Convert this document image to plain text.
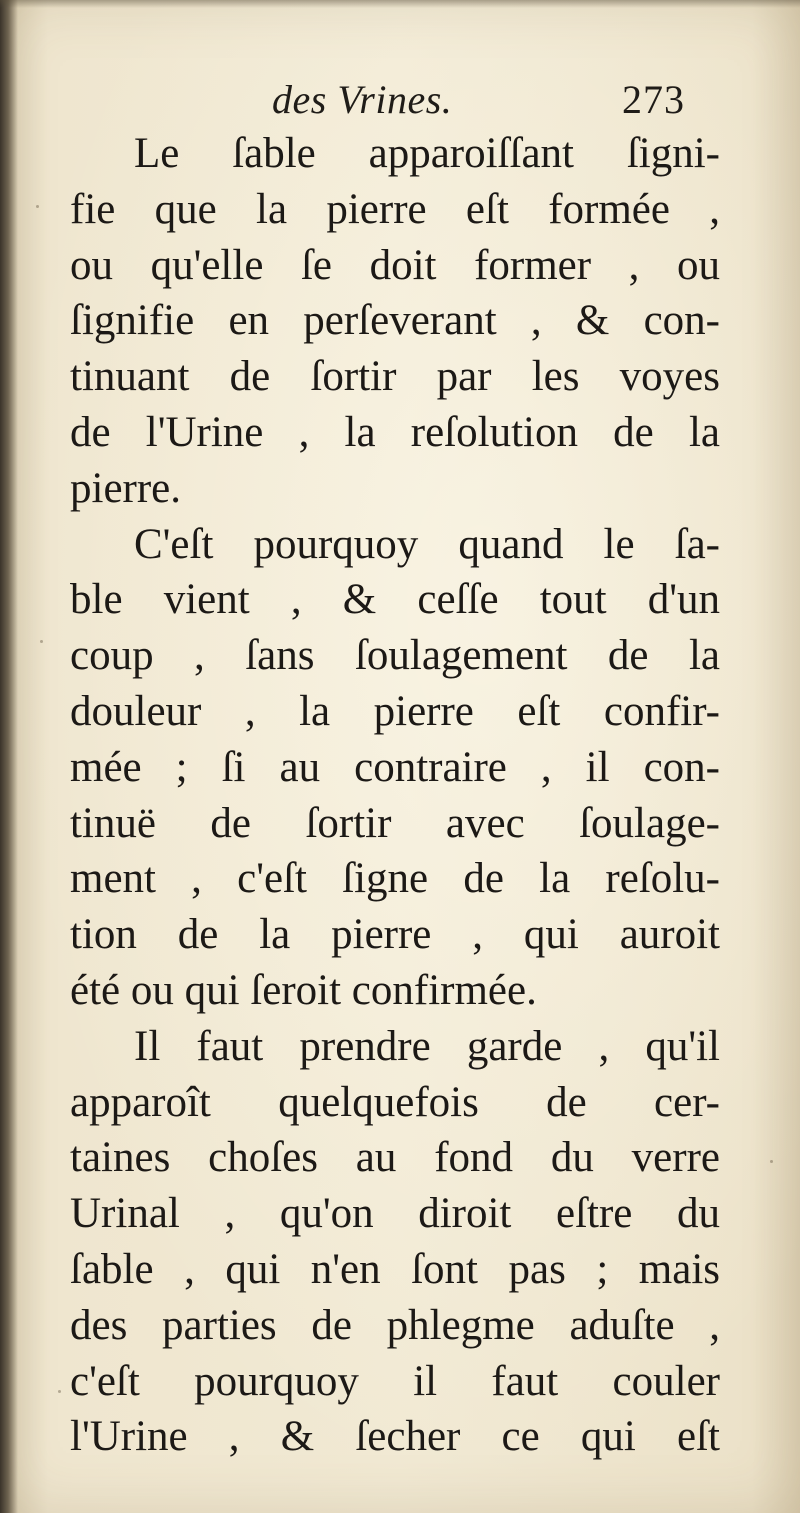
des Vrines.	273
Le ſable apparoiſſant ſigni-
fie que la pierre eſt formée ,
ou qu'elle ſe doit former , ou
ſignifie en perſeverant , & con-
tinuant de ſortir par les voyes
de l'Urine , la reſolution de la
pierre.
C'eſt pourquoy quand le ſa-
ble vient , & ceſſe tout d'un
coup , ſans ſoulagement de la
douleur , la pierre eſt confir-
mée ; ſi au contraire , il con-
tinuë de ſortir avec ſoulage-
ment , c'eſt ſigne de la reſolu-
tion de la pierre , qui auroit
été ou qui ſeroit confirmée.
Il faut prendre garde , qu'il
apparoît quelquefois de cer-
taines choſes au fond du verre
Urinal , qu'on diroit eſtre du
ſable , qui n'en ſont pas ; mais
des parties de phlegme aduſte ,
c'eſt pourquoy il faut couler
l'Urine , & ſecher ce qui eſt
